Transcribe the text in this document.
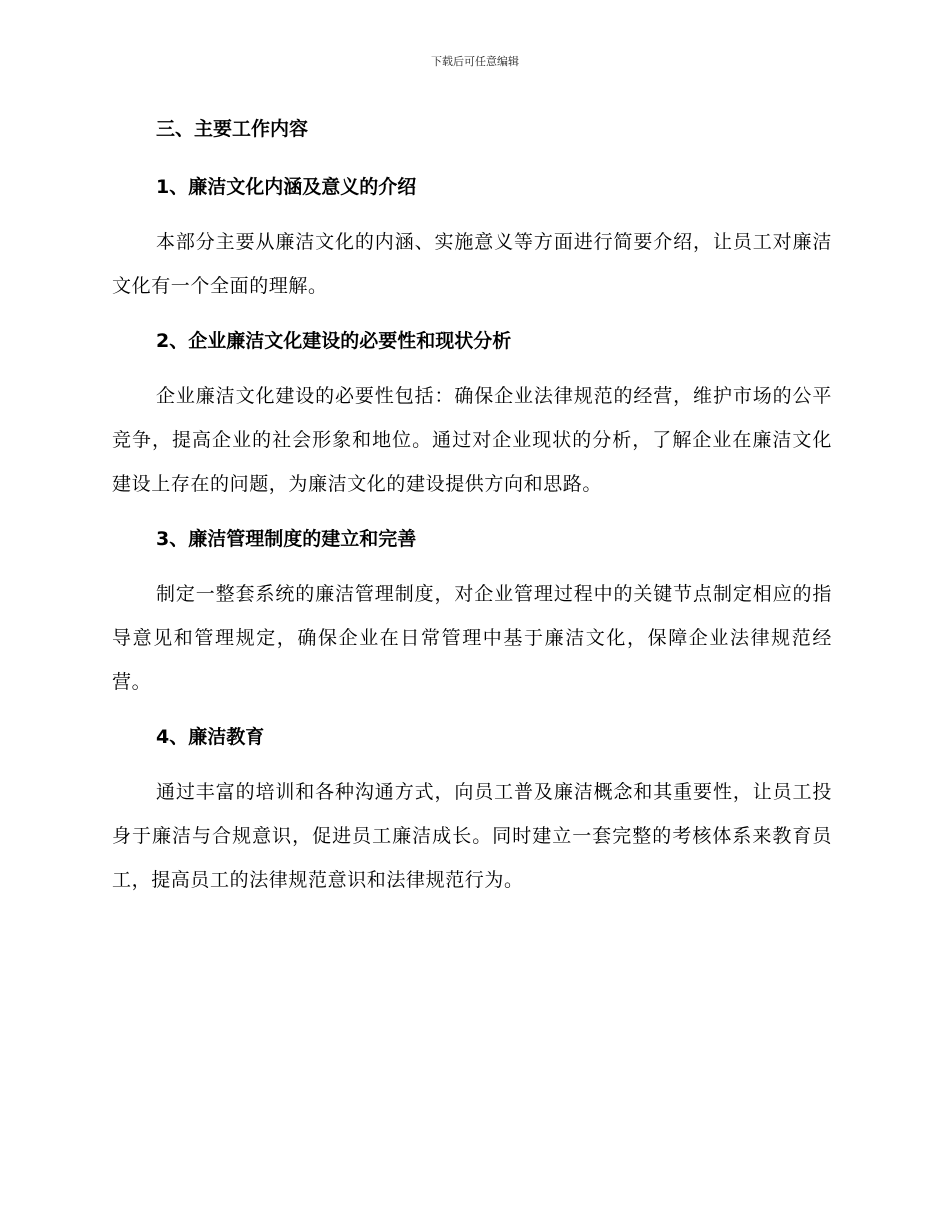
下载后可任意编辑
三、主要工作内容
1、廉洁文化内涵及意义的介绍

本部分主要从廉洁文化的内涵、实施意义等方面进行简要介绍，让员工对廉洁文化有一个全面的理解。

2、企业廉洁文化建设的必要性和现状分析

企业廉洁文化建设的必要性包括：确保企业法律规范的经营，维护市场的公平竞争，提高企业的社会形象和地位。通过对企业现状的分析，了解企业在廉洁文化建设上存在的问题，为廉洁文化的建设提供方向和思路。

3、廉洁管理制度的建立和完善

制定一整套系统的廉洁管理制度，对企业管理过程中的关键节点制定相应的指导意见和管理规定，确保企业在日常管理中基于廉洁文化，保障企业法律规范经营。

4、廉洁教育

通过丰富的培训和各种沟通方式，向员工普及廉洁概念和其重要性，让员工投身于廉洁与合规意识，促进员工廉洁成长。同时建立一套完整的考核体系来教育员工，提高员工的法律规范意识和法律规范行为。
